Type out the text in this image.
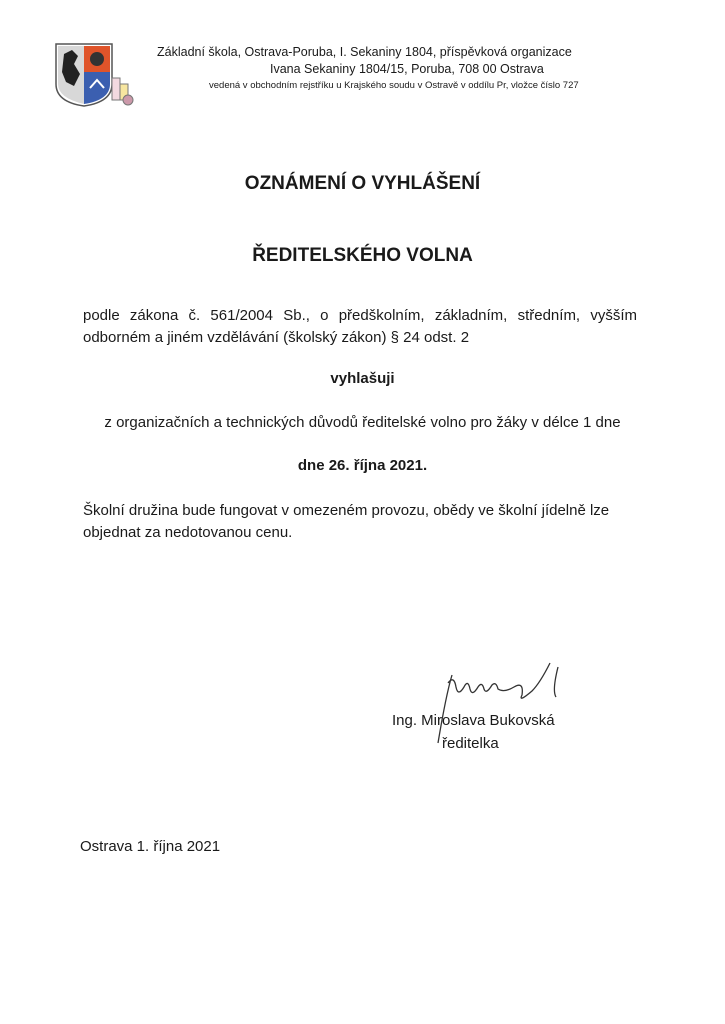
Základní škola, Ostrava-Poruba, I. Sekaniny 1804, příspěvková organizace
Ivana Sekaniny 1804/15, Poruba, 708 00 Ostrava
vedená v obchodním rejstříku u Krajského soudu v Ostravě v oddílu Pr, vložce číslo 727
OZNÁMENÍ O VYHLÁŠENÍ
ŘEDITELSKÉHO VOLNA
podle zákona č. 561/2004 Sb., o předškolním, základním, středním, vyšším odborném a jiném vzdělávání (školský zákon) § 24 odst. 2
vyhlašuji
z organizačních a technických důvodů ředitelské volno pro žáky v délce 1 dne
dne 26. října 2021.
Školní družina bude fungovat v omezeném provozu, obědy ve školní jídelně lze objednat za nedotovanou cenu.
Ing. Miroslava Bukovská
ředitelka
Ostrava 1. října 2021
